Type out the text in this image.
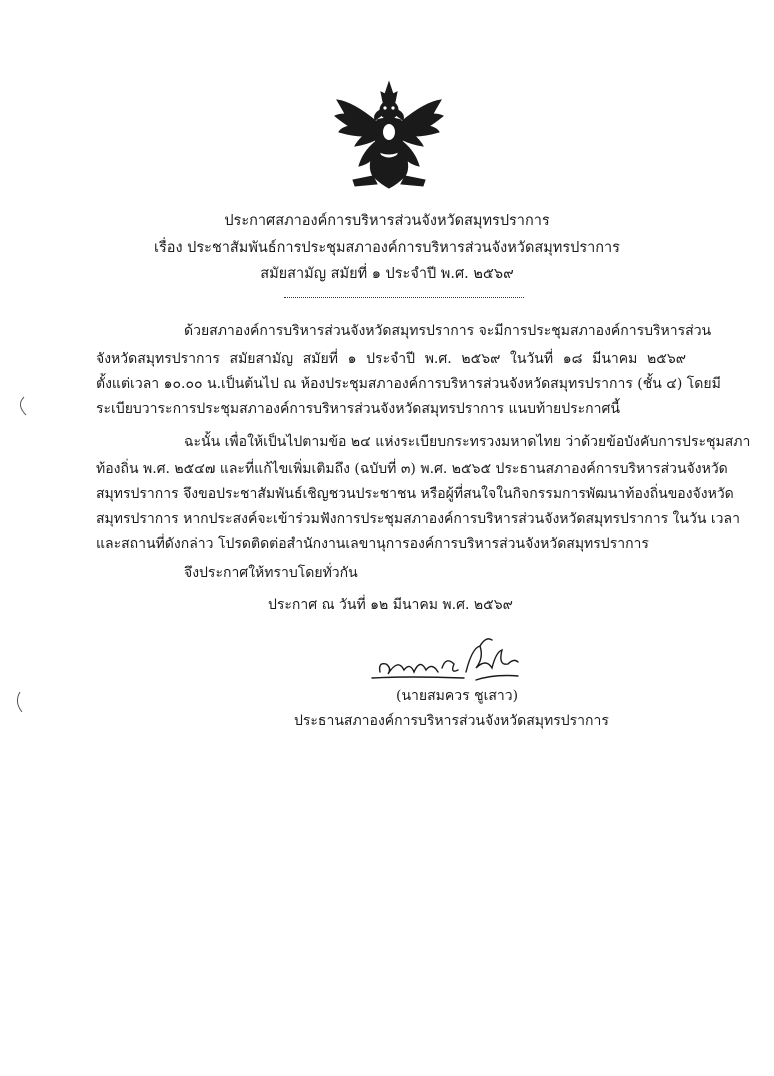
ประกาศสภาองค์การบริหารส่วนจังหวัดสมุทรปราการ
เรื่อง ประชาสัมพันธ์การประชุมสภาองค์การบริหารส่วนจังหวัดสมุทรปราการ
สมัยสามัญ สมัยที่ ๑ ประจำปี พ.ศ. ๒๕๖๙
ด้วยสภาองค์การบริหารส่วนจังหวัดสมุทรปราการ จะมีการประชุมสภาองค์การบริหารส่วน
จังหวัดสมุทรปราการ สมัยสามัญ สมัยที่ ๑ ประจำปี พ.ศ. ๒๕๖๙ ในวันที่ ๑๘ มีนาคม ๒๕๖๙
ตั้งแต่เวลา ๑๐.๐๐ น.เป็นต้นไป ณ ห้องประชุมสภาองค์การบริหารส่วนจังหวัดสมุทรปราการ (ชั้น ๔) โดยมี
ระเบียบวาระการประชุมสภาองค์การบริหารส่วนจังหวัดสมุทรปราการ แนบท้ายประกาศนี้
ฉะนั้น เพื่อให้เป็นไปตามข้อ ๒๔ แห่งระเบียบกระทรวงมหาดไทย ว่าด้วยข้อบังคับการประชุมสภา
ท้องถิ่น พ.ศ. ๒๕๔๗ และที่แก้ไขเพิ่มเติมถึง (ฉบับที่ ๓) พ.ศ. ๒๕๖๕ ประธานสภาองค์การบริหารส่วนจังหวัด
สมุทรปราการ จึงขอประชาสัมพันธ์เชิญชวนประชาชน หรือผู้ที่สนใจในกิจกรรมการพัฒนาท้องถิ่นของจังหวัด
สมุทรปราการ หากประสงค์จะเข้าร่วมฟังการประชุมสภาองค์การบริหารส่วนจังหวัดสมุทรปราการ ในวัน เวลา
และสถานที่ดังกล่าว โปรดติดต่อสำนักงานเลขานุการองค์การบริหารส่วนจังหวัดสมุทรปราการ
จึงประกาศให้ทราบโดยทั่วกัน
ประกาศ ณ วันที่ ๑๒ มีนาคม พ.ศ. ๒๕๖๙
(นายสมควร ชูเสาว)
ประธานสภาองค์การบริหารส่วนจังหวัดสมุทรปราการ
